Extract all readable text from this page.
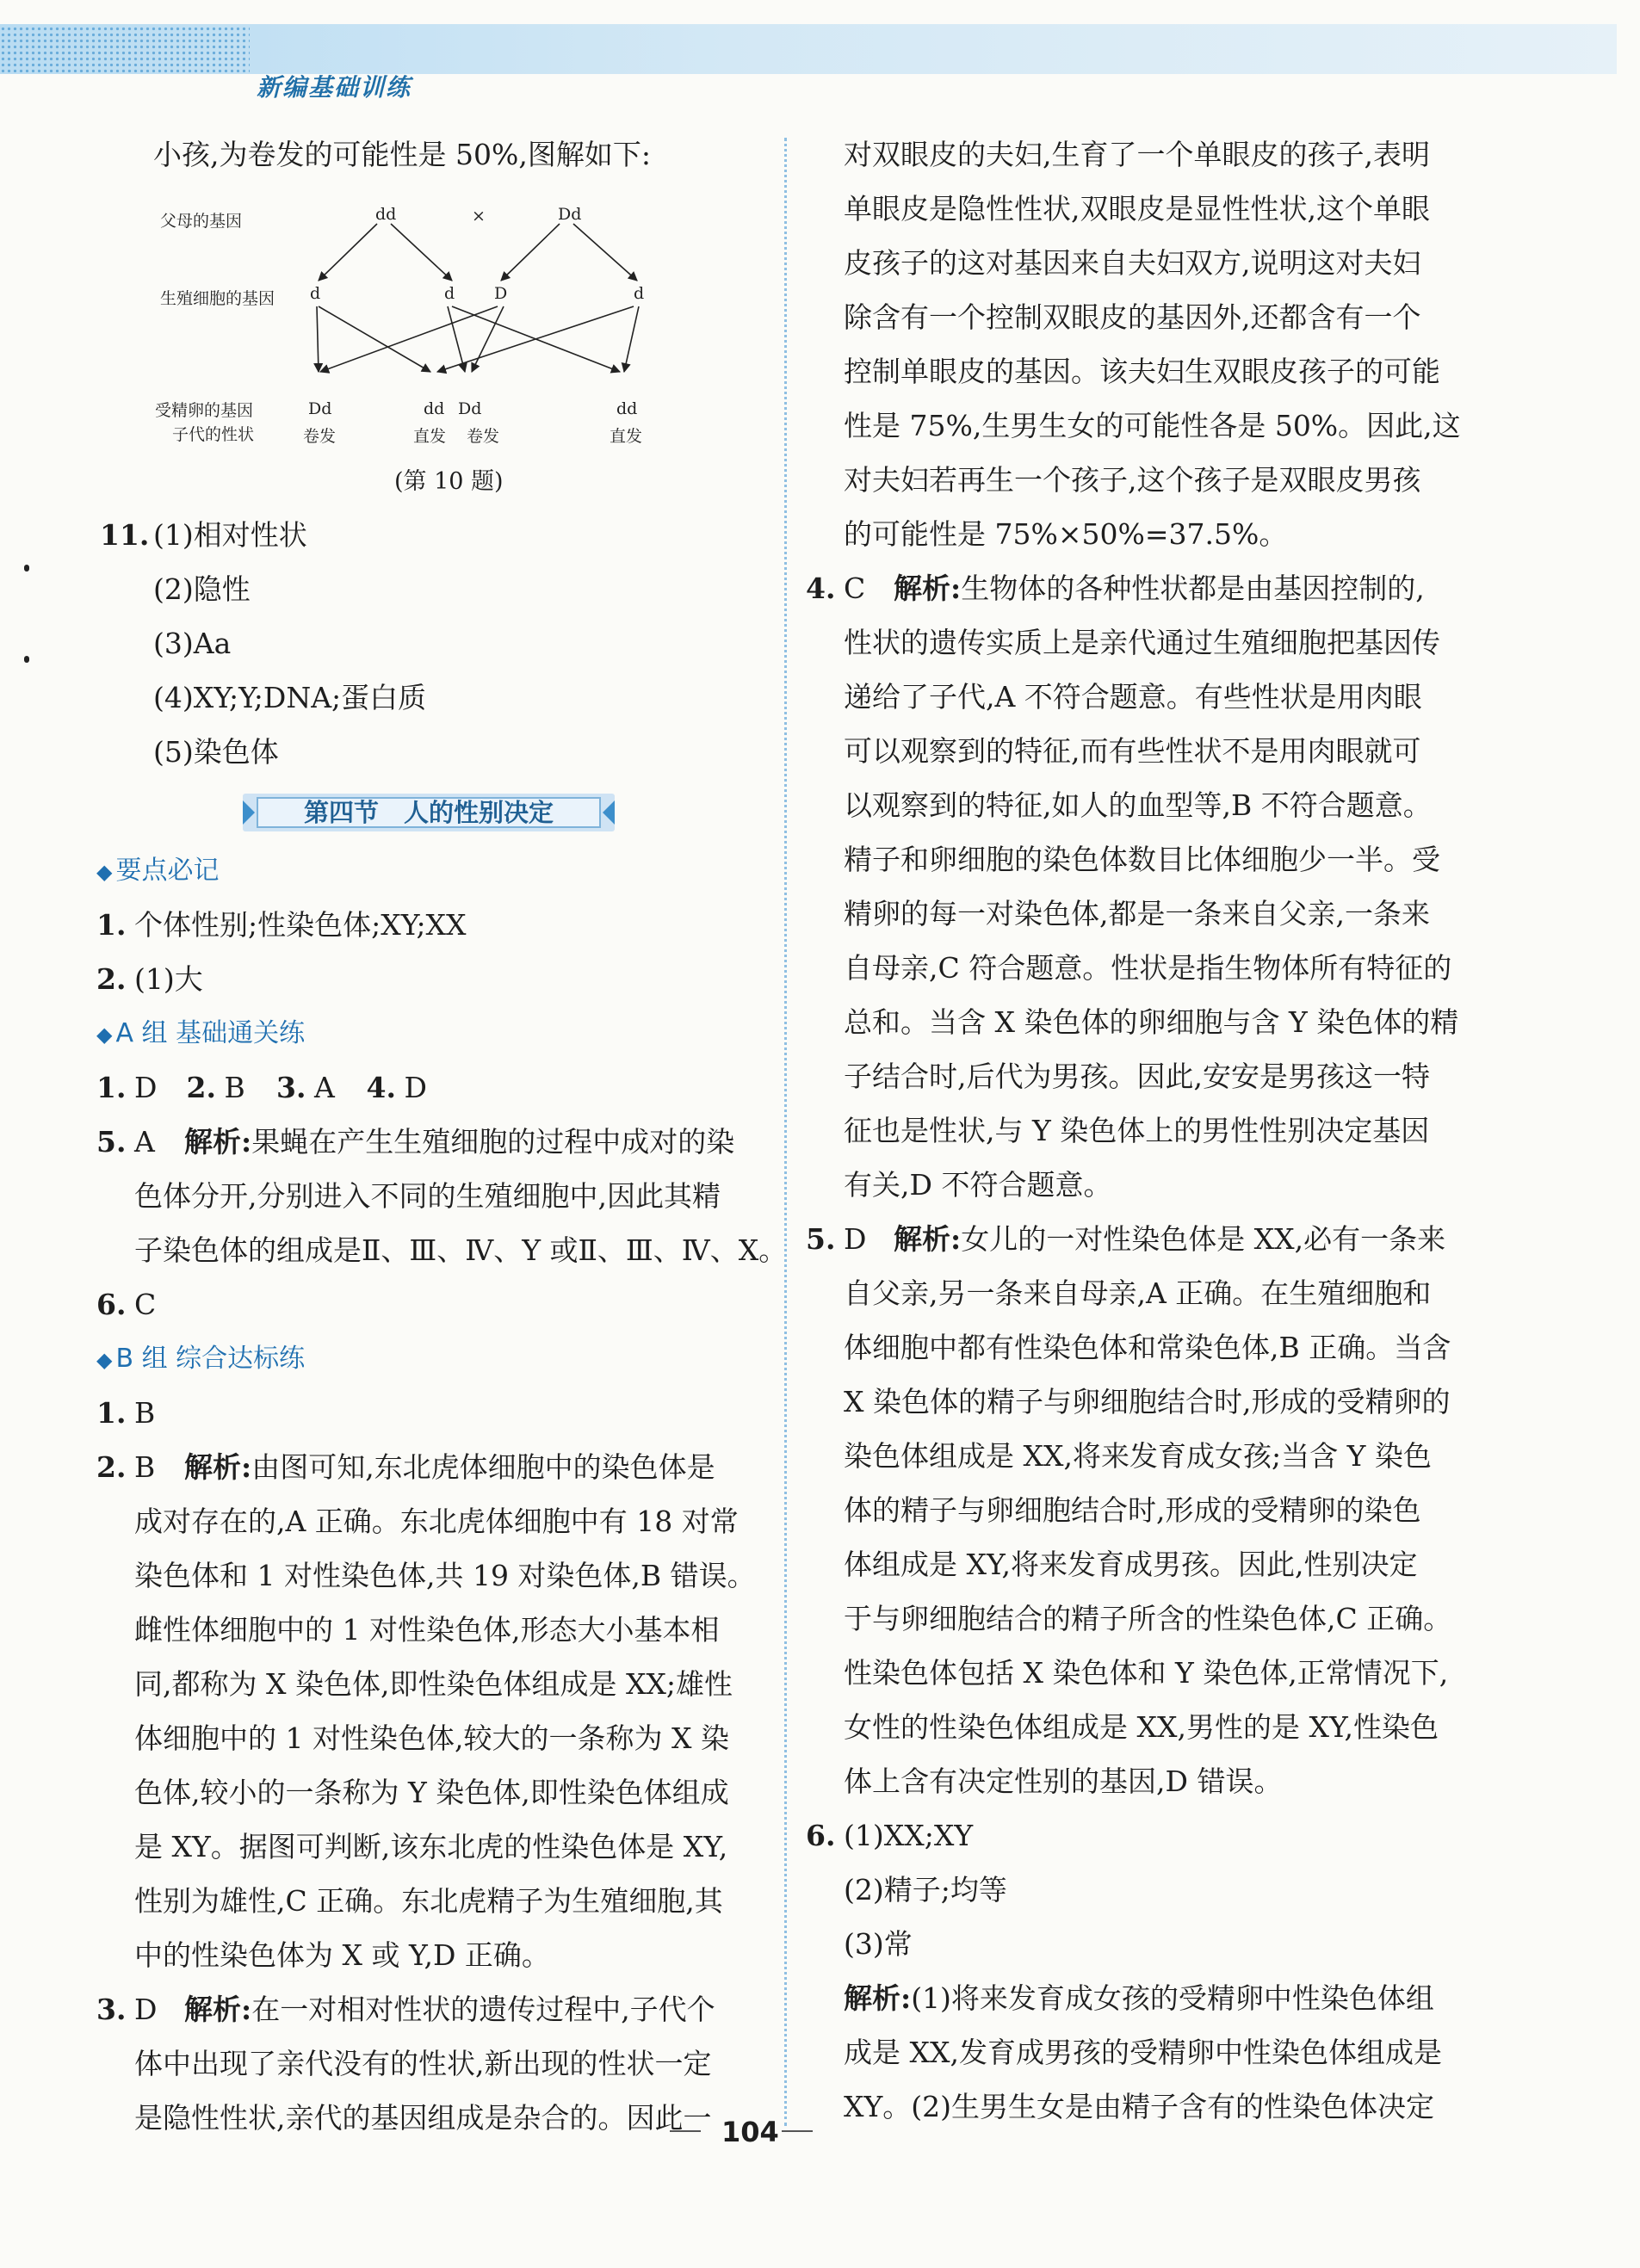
新编基础训练
小孩,为卷发的可能性是 50%,图解如下:
父母的基因
生殖细胞的基因
受精卵的基因
子代的性状
dd	×	Dd
d	d D	d
Dd	dd Dd	dd
卷发	直发 卷发	直发
(第 10 题)
11. (1)相对性状
(2)隐性
(3)Aa
(4)XY;Y;DNA;蛋白质
(5)染色体
第四节　人的性别决定
◆ 要点必记
1. 个体性别;性染色体;XY;XX
2. (1)大
◆ A 组 基础通关练
1. D 2. B 3. A 4. D
5. A 解析:果蝇在产生生殖细胞的过程中成对的染
色体分开,分别进入不同的生殖细胞中,因此其精
子染色体的组成是Ⅱ、Ⅲ、Ⅳ、Y 或Ⅱ、Ⅲ、Ⅳ、X。
6. C
◆ B 组 综合达标练
1. B
2. B 解析:由图可知,东北虎体细胞中的染色体是
成对存在的,A 正确。东北虎体细胞中有 18 对常
染色体和 1 对性染色体,共 19 对染色体,B 错误。
雌性体细胞中的 1 对性染色体,形态大小基本相
同,都称为 X 染色体,即性染色体组成是 XX;雄性
体细胞中的 1 对性染色体,较大的一条称为 X 染
色体,较小的一条称为 Y 染色体,即性染色体组成
是 XY。据图可判断,该东北虎的性染色体是 XY,
性别为雄性,C 正确。东北虎精子为生殖细胞,其
中的性染色体为 X 或 Y,D 正确。
3. D 解析:在一对相对性状的遗传过程中,子代个
体中出现了亲代没有的性状,新出现的性状一定
是隐性性状,亲代的基因组成是杂合的。因此一
对双眼皮的夫妇,生育了一个单眼皮的孩子,表明
单眼皮是隐性性状,双眼皮是显性性状,这个单眼
皮孩子的这对基因来自夫妇双方,说明这对夫妇
除含有一个控制双眼皮的基因外,还都含有一个
控制单眼皮的基因。该夫妇生双眼皮孩子的可能
性是 75%,生男生女的可能性各是 50%。因此,这
对夫妇若再生一个孩子,这个孩子是双眼皮男孩
的可能性是 75%×50%=37.5%。
4. C 解析:生物体的各种性状都是由基因控制的,
性状的遗传实质上是亲代通过生殖细胞把基因传
递给了子代,A 不符合题意。有些性状是用肉眼
可以观察到的特征,而有些性状不是用肉眼就可
以观察到的特征,如人的血型等,B 不符合题意。
精子和卵细胞的染色体数目比体细胞少一半。受
精卵的每一对染色体,都是一条来自父亲,一条来
自母亲,C 符合题意。性状是指生物体所有特征的
总和。当含 X 染色体的卵细胞与含 Y 染色体的精
子结合时,后代为男孩。因此,安安是男孩这一特
征也是性状,与 Y 染色体上的男性性别决定基因
有关,D 不符合题意。
5. D 解析:女儿的一对性染色体是 XX,必有一条来
自父亲,另一条来自母亲,A 正确。在生殖细胞和
体细胞中都有性染色体和常染色体,B 正确。当含
X 染色体的精子与卵细胞结合时,形成的受精卵的
染色体组成是 XX,将来发育成女孩;当含 Y 染色
体的精子与卵细胞结合时,形成的受精卵的染色
体组成是 XY,将来发育成男孩。因此,性别决定
于与卵细胞结合的精子所含的性染色体,C 正确。
性染色体包括 X 染色体和 Y 染色体,正常情况下,
女性的性染色体组成是 XX,男性的是 XY,性染色
体上含有决定性别的基因,D 错误。
6. (1)XX;XY
(2)精子;均等
(3)常
解析:(1)将来发育成女孩的受精卵中性染色体组
成是 XX,发育成男孩的受精卵中性染色体组成是
XY。(2)生男生女是由精子含有的性染色体决定
104
